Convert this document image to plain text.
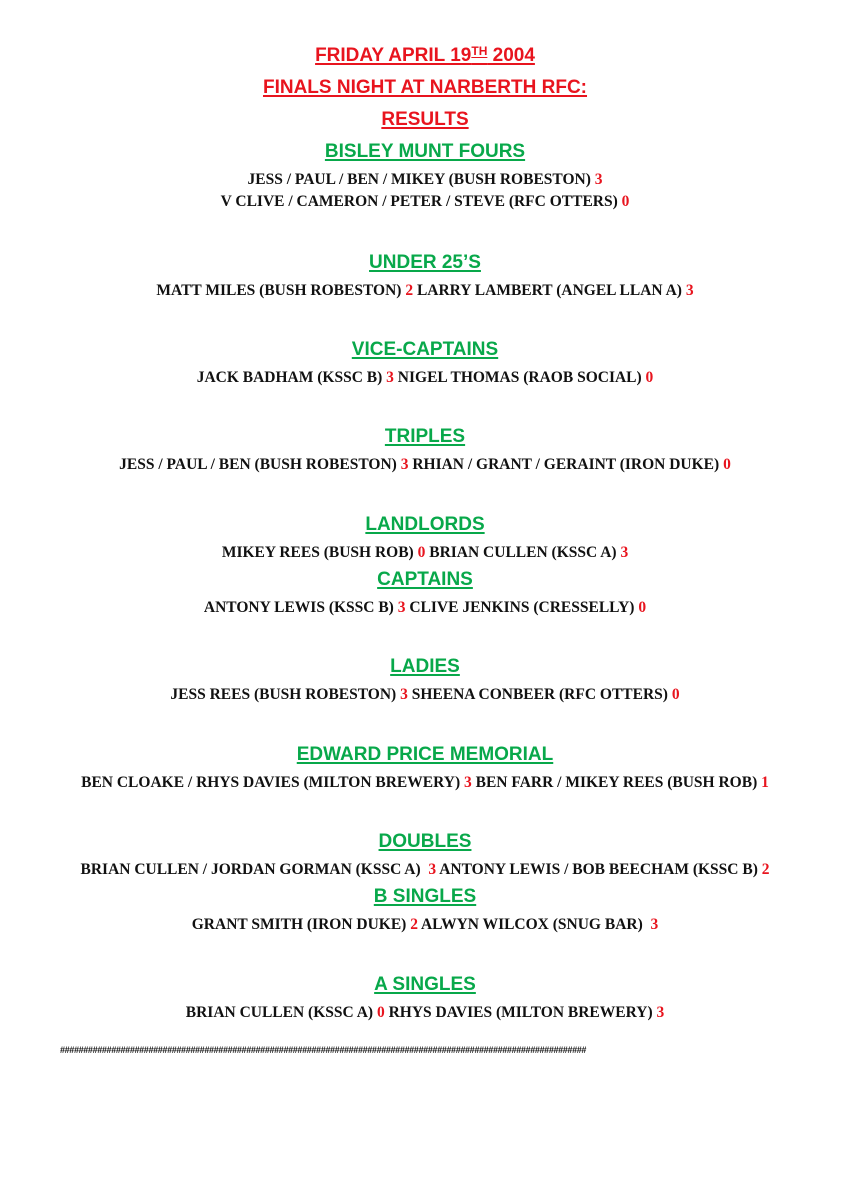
FRIDAY APRIL 19TH 2004
FINALS NIGHT AT NARBERTH RFC:
RESULTS
BISLEY MUNT FOURS
JESS / PAUL / BEN / MIKEY (BUSH ROBESTON) 3
V CLIVE / CAMERON / PETER / STEVE (RFC OTTERS) 0
UNDER 25’S
MATT MILES (BUSH ROBESTON) 2 LARRY LAMBERT (ANGEL LLAN A) 3
VICE-CAPTAINS
JACK BADHAM (KSSC B) 3 NIGEL THOMAS (RAOB SOCIAL) 0
TRIPLES
JESS / PAUL / BEN (BUSH ROBESTON) 3 RHIAN / GRANT / GERAINT (IRON DUKE) 0
LANDLORDS
MIKEY REES (BUSH ROB) 0 BRIAN CULLEN (KSSC A) 3
CAPTAINS
ANTONY LEWIS (KSSC B) 3 CLIVE JENKINS (CRESSELLY) 0
LADIES
JESS REES (BUSH ROBESTON) 3 SHEENA CONBEER (RFC OTTERS) 0
EDWARD PRICE MEMORIAL
BEN CLOAKE / RHYS DAVIES (MILTON BREWERY) 3 BEN FARR / MIKEY REES (BUSH ROB) 1
DOUBLES
BRIAN CULLEN / JORDAN GORMAN (KSSC A)  3 ANTONY LEWIS / BOB BEECHAM (KSSC B) 2
B SINGLES
GRANT SMITH (IRON DUKE) 2 ALWYN WILCOX (SNUG BAR)  3
A SINGLES
BRIAN CULLEN (KSSC A) 0 RHYS DAVIES (MILTON BREWERY) 3
#################################################################################################################
